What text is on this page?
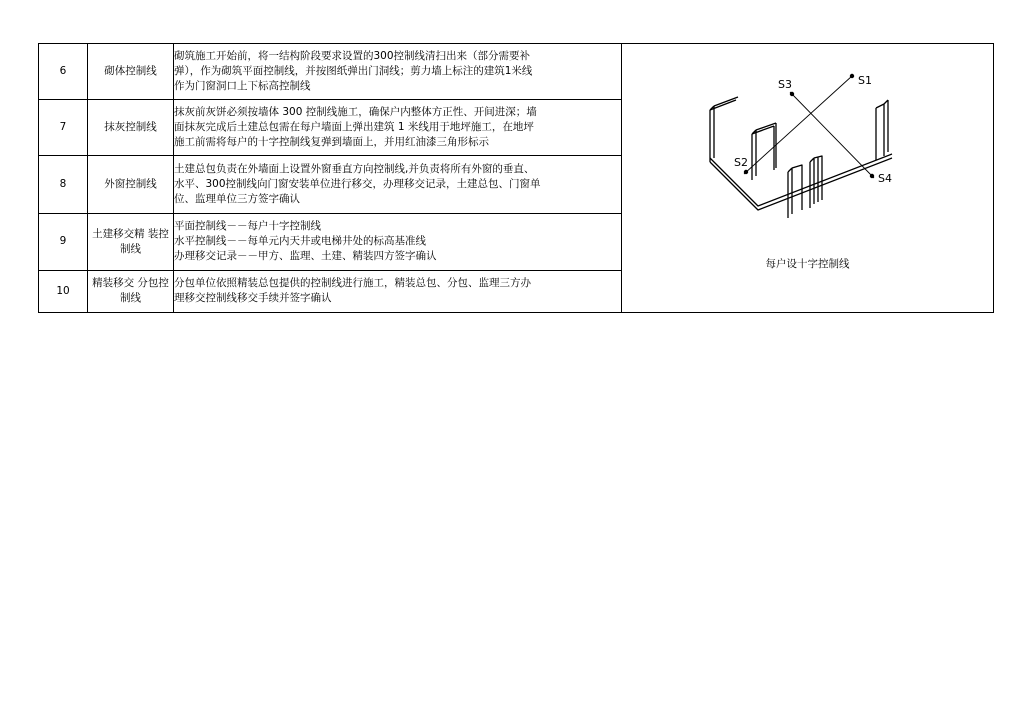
6	砌体控制线	砌筑施工开始前，将一结构阶段要求设置的300控制线清扫出来（部分需要补
弹），作为砌筑平面控制线，并按图纸弹出门洞线；剪力墙上标注的建筑1米线
作为门窗洞口上下标高控制线	S1
S2
S3
S4
每户设十字控制线

7	抹灰控制线	抹灰前灰饼必须按墙体 300 控制线施工，确保户内整体方正性、开间进深；墙
面抹灰完成后土建总包需在每户墙面上弹出建筑 1 米线用于地坪施工，在地坪
施工前需将每户的十字控制线复弹到墙面上，并用红油漆三角形标示	

8	外窗控制线	土建总包负责在外墙面上设置外窗垂直方向控制线,并负责将所有外窗的垂直、
水平、300控制线向门窗安装单位进行移交，办理移交记录，土建总包、门窗单
位、监理单位三方签字确认	

9	土建移交精 装控制线	平面控制线－－每户十字控制线
水平控制线－－每单元内天井或电梯井处的标高基准线
办理移交记录－－甲方、监理、土建、精装四方签字确认	

10	精装移交 分包控制线	分包单位依照精装总包提供的控制线进行施工，精装总包、分包、监理三方办
理移交控制线移交手续并签字确认	
